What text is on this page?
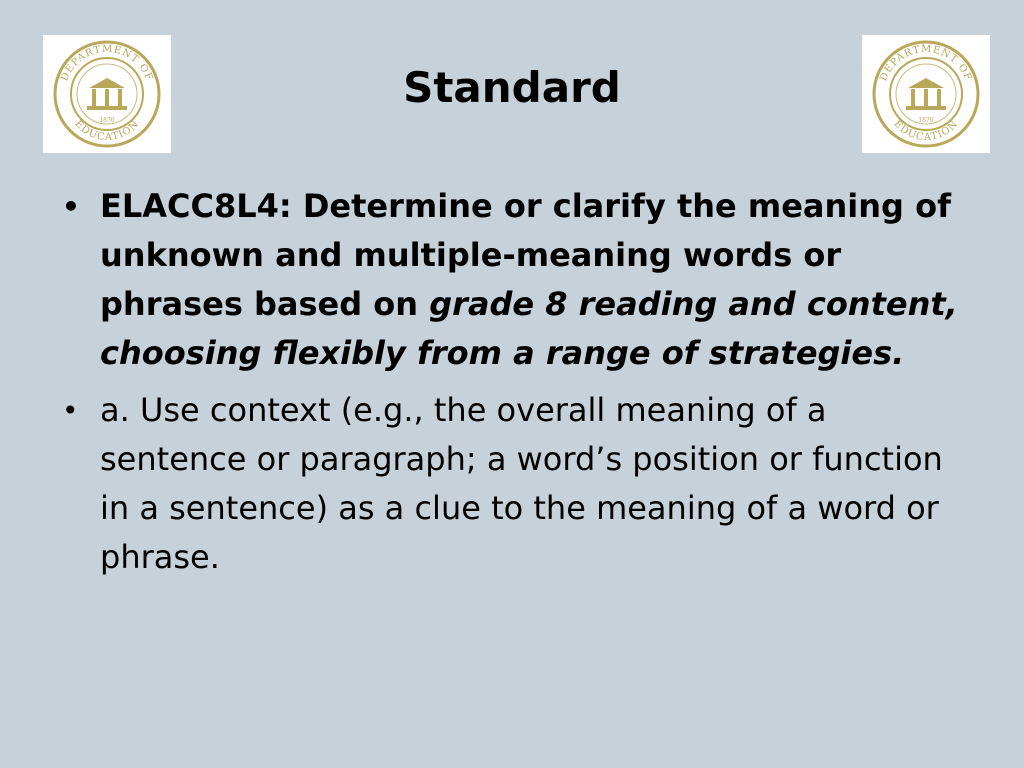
DEPARTMENT OF
EDUCATION
1870
DEPARTMENT OF
EDUCATION
1870
Standard
• ELACC8L4: Determine or clarify the meaning of unknown and multiple-meaning words or phrases based on grade 8 reading and content, choosing flexibly from a range of strategies.
• a. Use context (e.g., the overall meaning of a sentence or paragraph; a word’s position or function in a sentence) as a clue to the meaning of a word or phrase.
